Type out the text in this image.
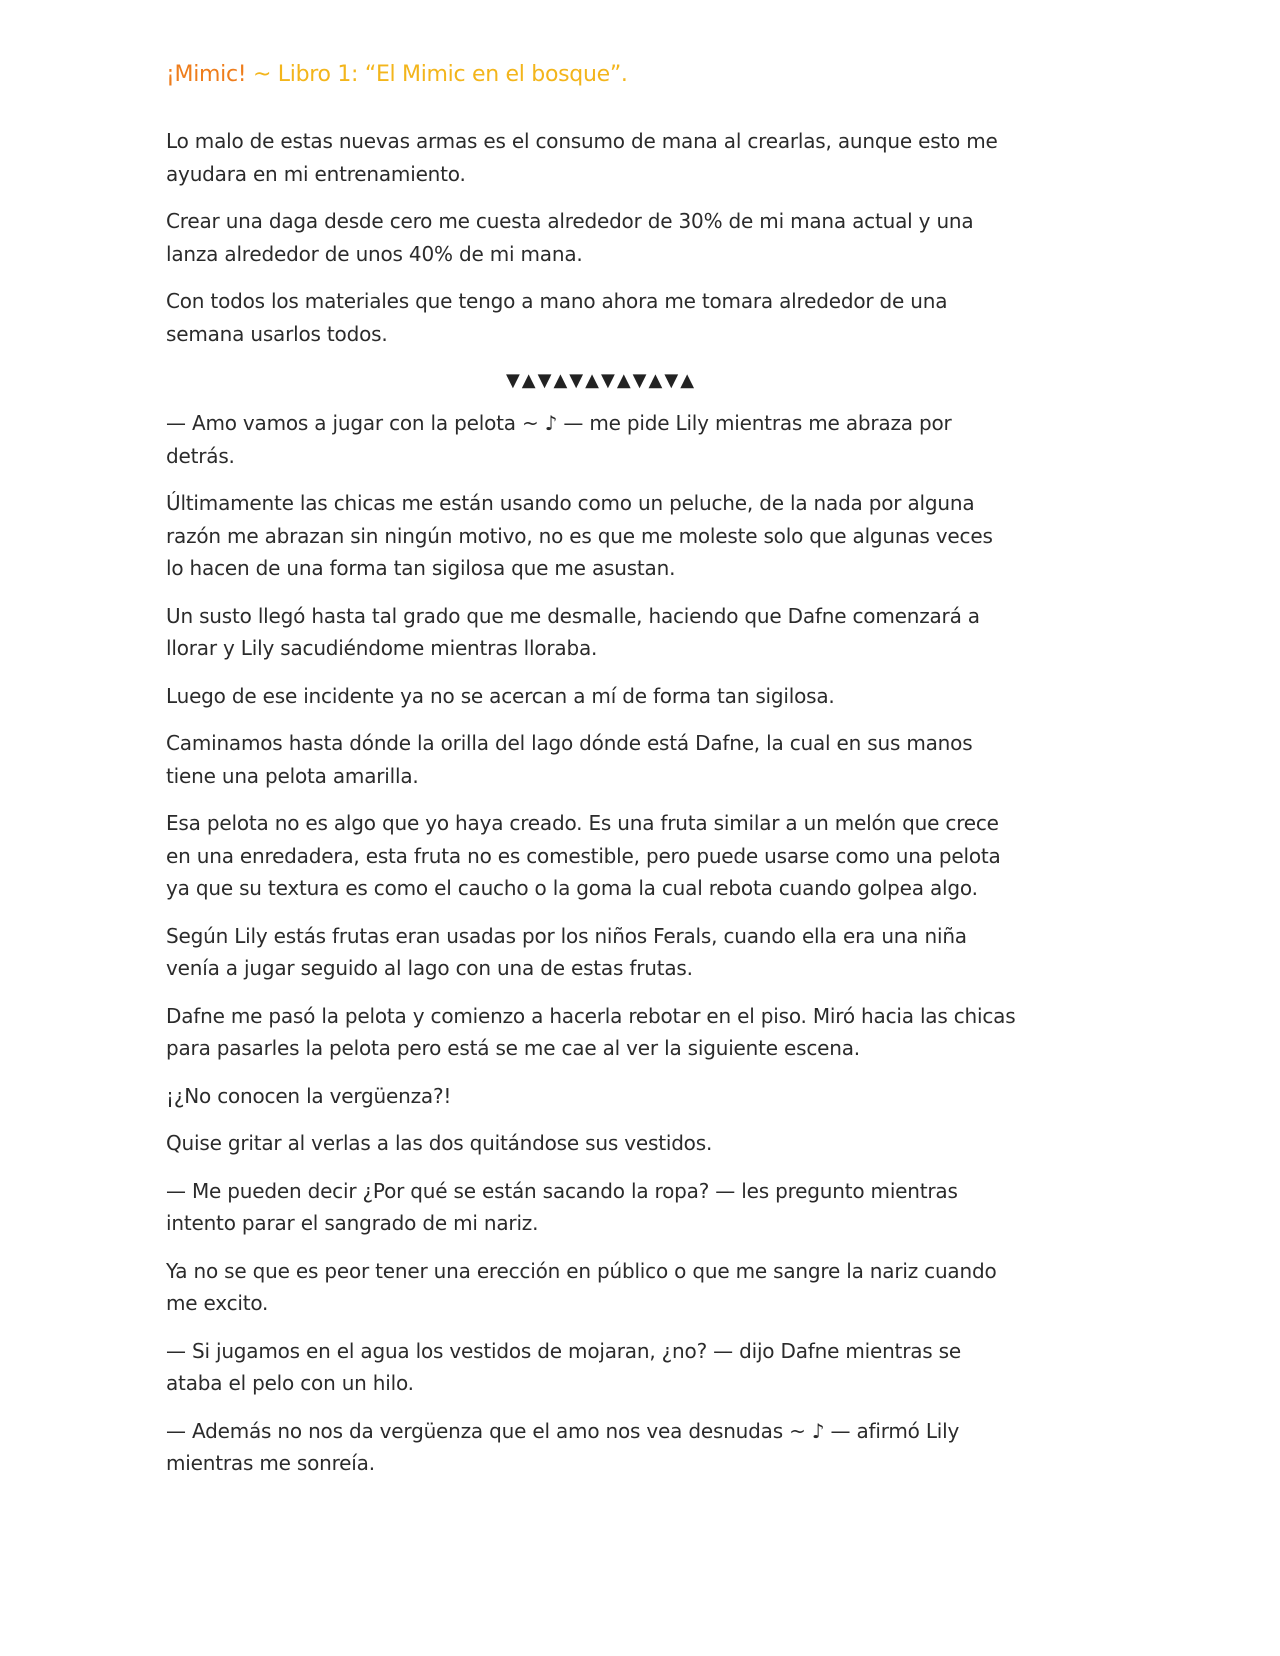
¡Mimic! ~ Libro 1: “El Mimic en el bosque”.

Lo malo de estas nuevas armas es el consumo de mana al crearlas, aunque esto me ayudara en mi entrenamiento.

Crear una daga desde cero me cuesta alrededor de 30% de mi mana actual y una lanza alrededor de unos 40% de mi mana.

Con todos los materiales que tengo a mano ahora me tomara alrededor de una semana usarlos todos.

▼▲▼▲▼▲▼▲▼▲▼▲

— Amo vamos a jugar con la pelota ~ ♪ — me pide Lily mientras me abraza por detrás.

Últimamente las chicas me están usando como un peluche, de la nada por alguna razón me abrazan sin ningún motivo, no es que me moleste solo que algunas veces lo hacen de una forma tan sigilosa que me asustan.

Un susto llegó hasta tal grado que me desmalle, haciendo que Dafne comenzará a llorar y Lily sacudiéndome mientras lloraba.

Luego de ese incidente ya no se acercan a mí de forma tan sigilosa.

Caminamos hasta dónde la orilla del lago dónde está Dafne, la cual en sus manos tiene una pelota amarilla.

Esa pelota no es algo que yo haya creado. Es una fruta similar a un melón que crece en una enredadera, esta fruta no es comestible, pero puede usarse como una pelota ya que su textura es como el caucho o la goma la cual rebota cuando golpea algo.

Según Lily estás frutas eran usadas por los niños Ferals, cuando ella era una niña venía a jugar seguido al lago con una de estas frutas.

Dafne me pasó la pelota y comienzo a hacerla rebotar en el piso. Miró hacia las chicas para pasarles la pelota pero está se me cae al ver la siguiente escena.

¡¿No conocen la vergüenza?!

Quise gritar al verlas a las dos quitándose sus vestidos.

— Me pueden decir ¿Por qué se están sacando la ropa? — les pregunto mientras intento parar el sangrado de mi nariz.

Ya no se que es peor tener una erección en público o que me sangre la nariz cuando me excito.

— Si jugamos en el agua los vestidos de mojaran, ¿no? — dijo Dafne mientras se ataba el pelo con un hilo.

— Además no nos da vergüenza que el amo nos vea desnudas ~ ♪ — afirmó Lily mientras me sonreía.
